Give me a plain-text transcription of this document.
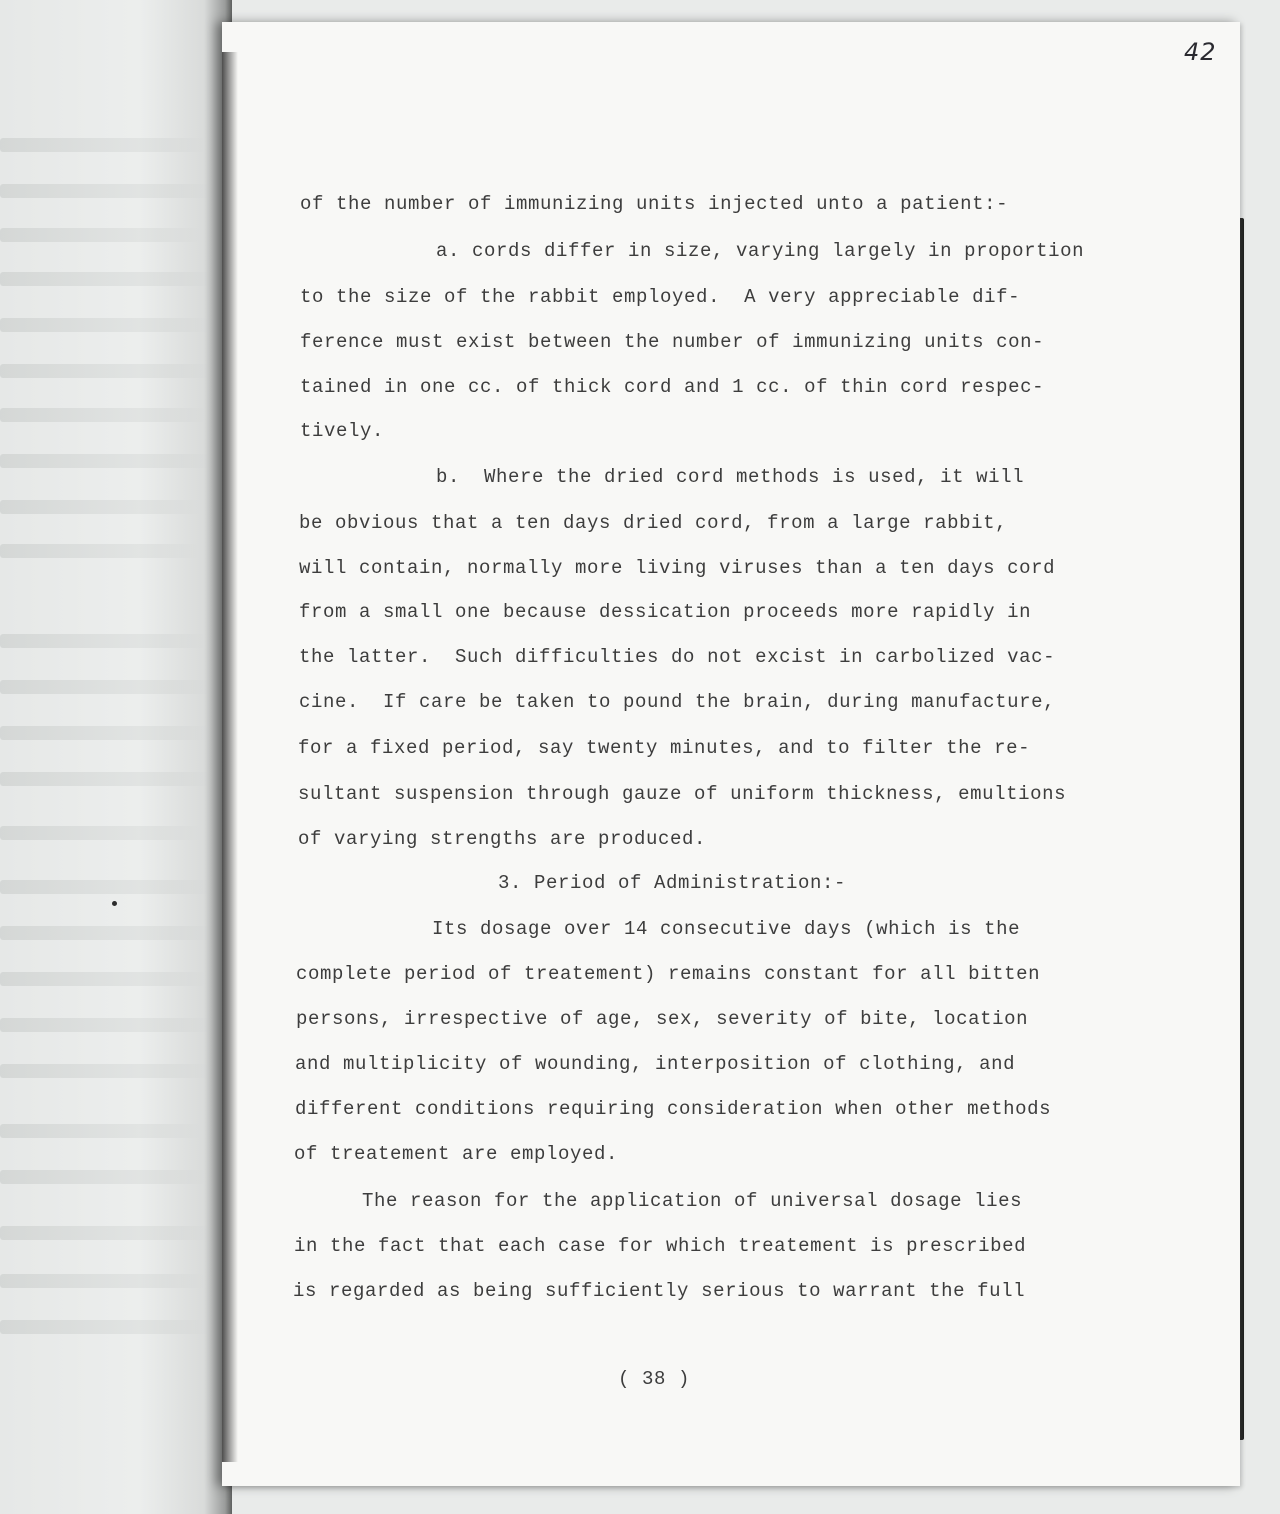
42
of the number of immunizing units injected unto a patient:-
a. cords differ in size, varying largely in proportion
to the size of the rabbit employed.  A very appreciable dif-
ference must exist between the number of immunizing units con-
tained in one cc. of thick cord and 1 cc. of thin cord respec-
tively.
b.  Where the dried cord methods is used, it will
be obvious that a ten days dried cord, from a large rabbit,
will contain, normally more living viruses than a ten days cord
from a small one because dessication proceeds more rapidly in
the latter.  Such difficulties do not excist in carbolized vac-
cine.  If care be taken to pound the brain, during manufacture,
for a fixed period, say twenty minutes, and to filter the re-
sultant suspension through gauze of uniform thickness, emultions
of varying strengths are produced.
3. Period of Administration:-
Its dosage over 14 consecutive days (which is the
complete period of treatement) remains constant for all bitten
persons, irrespective of age, sex, severity of bite, location
and multiplicity of wounding, interposition of clothing, and
different conditions requiring consideration when other methods
of treatement are employed.
The reason for the application of universal dosage lies
in the fact that each case for which treatement is prescribed
is regarded as being sufficiently serious to warrant the full
( 38 )
